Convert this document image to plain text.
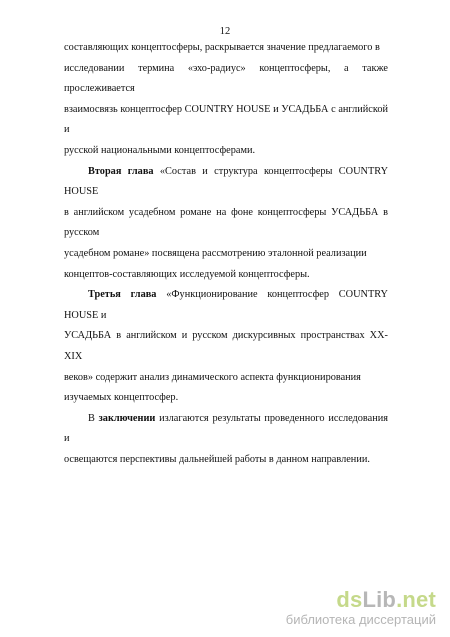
12

составляющих концептосферы, раскрывается значение предлагаемого в
исследовании термина «эхо-радиус» концептосферы, а также прослеживается
взаимосвязь концептосфер COUNTRY HOUSE и УСАДЬБА с английской и
русской национальными концептосферами.

Вторая глава «Состав и структура концептосферы COUNTRY HOUSE
в английском усадебном романе на фоне концептосферы УСАДЬБА в русском
усадебном романе» посвящена рассмотрению эталонной реализации
концептов-составляющих исследуемой концептосферы.

Третья глава «Функционирование концептосфер COUNTRY HOUSE и
УСАДЬБА в английском и русском дискурсивных пространствах XX-XIX
веков» содержит анализ динамического аспекта функционирования
изучаемых концептосфер.

В заключении излагаются результаты проведенного исследования и
освещаются перспективы дальнейшей работы в данном направлении.

dsLib.net
библиотека диссертаций
